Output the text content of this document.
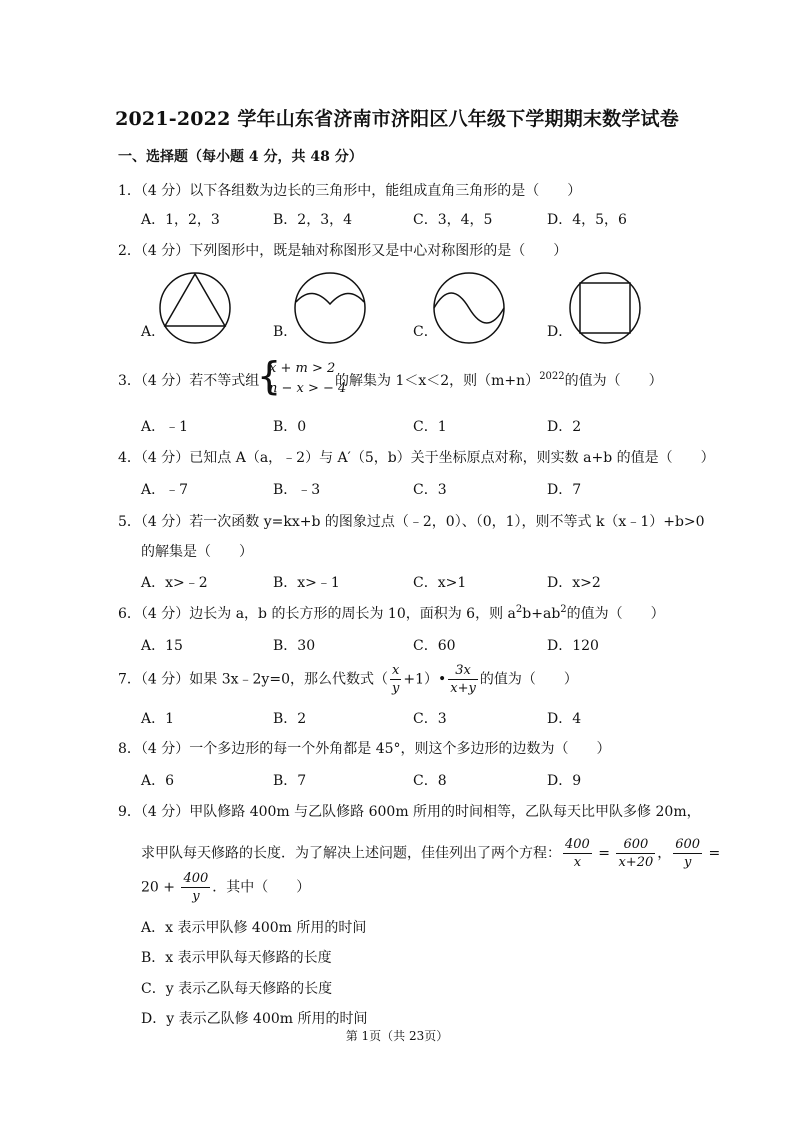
2021-2022 学年山东省济南市济阳区八年级下学期期末数学试卷
一、选择题（每小题 4 分，共 48 分）
1．（4 分）以下各组数为边长的三角形中，能组成直角三角形的是（　　）
A．1，2，3	B．2，3，4	C．3，4，5	D．4，5，6
2．（4 分）下列图形中，既是轴对称图形又是中心对称图形的是（　　）
A．	B．	C．	D．
3．（4 分）若不等式组
{
x + m > 2
n − x > − 4
的解集为 1＜x＜2，则$(m+n)^{2022}$的值为（　　）
A．﹣1	B．0	C．1	D．2
4．（4 分）已知点 A（a，﹣2）与 A′（5，b）关于坐标原点对称，则实数 a+b 的值是（　　）
A．﹣7	B．﹣3	C．3	D．7
5．（4 分）若一次函数 y=kx+b 的图象过点（﹣2，0）、（0，1），则不等式 k（x﹣1）+b>0
的解集是（　　）
A．x>﹣2	B．x>﹣1	C．x>1	D．x>2
6．（4 分）边长为 a，b 的长方形的周长为 10，面积为 6，则 $a^2b+ab^2$的值为（　　）
A．15	B．30	C．60	D．120
7．（4 分）如果 3x﹣2y=0，那么代数式（ $\frac{x}{y}$ +1）• $\frac{3x}{x+y}$ 的值为（　　）
A．1	B．2	C．3	D．4
8．（4 分）一个多边形的每一个外角都是 45°，则这个多边形的边数为（　　）
A．6	B．7	C．8	D．9
9．（4 分）甲队修路 400m 与乙队修路 600m 所用的时间相等，乙队每天比甲队多修 20m，
求甲队每天修路的长度．为了解决上述问题，佳佳列出了两个方程： $\frac{400}{x} = \frac{600}{x+20}$ ， $\frac{600}{y}$ =
$20 + \frac{400}{y}$ ．其中（　　）
A．x 表示甲队修 400m 所用的时间
B．x 表示甲队每天修路的长度
C．y 表示乙队每天修路的长度
D．y 表示乙队修 400m 所用的时间
第 1页（共 23页）
